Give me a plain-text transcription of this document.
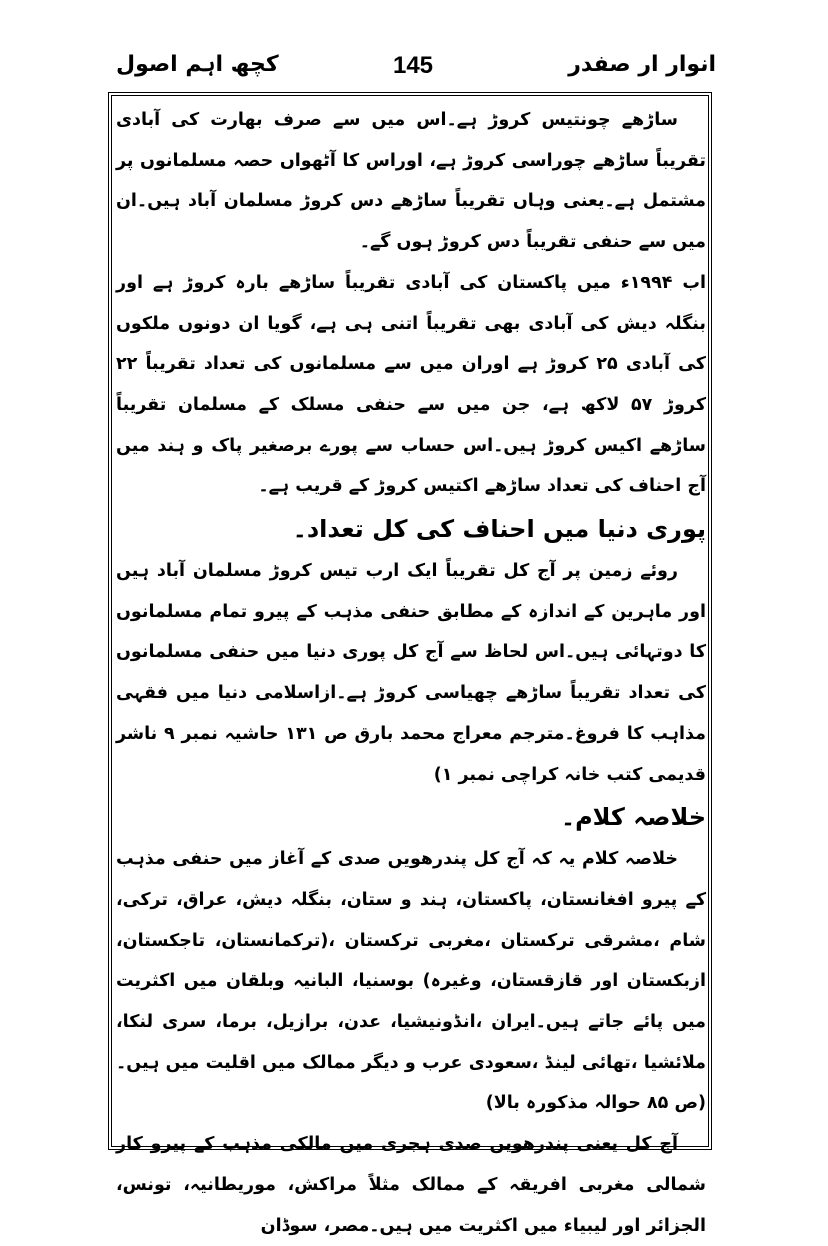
انوار ار صفدر
145
کچھ اہم اصول

ساڑھے چونتیس کروڑ ہے۔اس میں سے صرف بھارت کی آبادی تقریباً ساڑھے چوراسی کروڑ ہے، اوراس کا آٹھواں حصہ مسلمانوں پر مشتمل ہے۔یعنی وہاں تقریباً ساڑھے دس کروڑ مسلمان آباد ہیں۔ان میں سے حنفی تقریباً دس کروڑ ہوں گے۔

اب ۱۹۹۴ء میں پاکستان کی آبادی تقریباً ساڑھے بارہ کروڑ ہے اور بنگلہ دیش کی آبادی بھی تقریباً اتنی ہی ہے، گویا ان دونوں ملکوں کی آبادی ۲۵ کروڑ ہے اوران میں سے مسلمانوں کی تعداد تقریباً ۲۲ کروڑ ۵۷ لاکھ ہے، جن میں سے حنفی مسلک کے مسلمان تقریباً ساڑھے اکیس کروڑ ہیں۔اس حساب سے پورے برصغیر پاک و ہند میں آج احناف کی تعداد ساڑھے اکتیس کروڑ کے قریب ہے۔

پوری دنیا میں احناف کی کل تعداد۔

روئے زمین پر آج کل تقریباً ایک ارب تیس کروڑ مسلمان آباد ہیں اور ماہرین کے اندازہ کے مطابق حنفی مذہب کے پیرو تمام مسلمانوں کا دوتہائی ہیں۔اس لحاظ سے آج کل پوری دنیا میں حنفی مسلمانوں کی تعداد تقریباً ساڑھے چھیاسی کروڑ ہے۔ازاسلامی دنیا میں فقہی مذاہب کا فروغ۔مترجم معراج محمد بارق ص ۱۳۱ حاشیہ نمبر ۹ ناشر قدیمی کتب خانہ کراچی نمبر ۱)

خلاصہ کلام۔

خلاصہ کلام یہ کہ آج کل پندرھویں صدی کے آغاز میں حنفی مذہب کے پیرو افغانستان، پاکستان، ہند و ستان، بنگلہ دیش، عراق، ترکی، شام ،مشرقی ترکستان ،مغربی ترکستان ،(ترکمانستان، تاجکستان، ازبکستان اور قازقستان، وغیرہ) بوسنیا، البانیہ وبلقان میں اکثریت میں پائے جاتے ہیں۔ایران ،انڈونیشیا، عدن، برازیل، برما، سری لنکا، ملائشیا ،تھائی لینڈ ،سعودی عرب و دیگر ممالک میں اقلیت میں ہیں۔(ص ۸۵ حوالہ مذکورہ بالا)

آج کل یعنی پندرھویں صدی ہجری میں مالکی مذہب کے پیرو کار شمالی مغربی افریقہ کے ممالک مثلاً مراکش، موریطانیہ، تونس، الجزائر اور لیبیاء میں اکثریت میں ہیں۔مصر، سوڈان
